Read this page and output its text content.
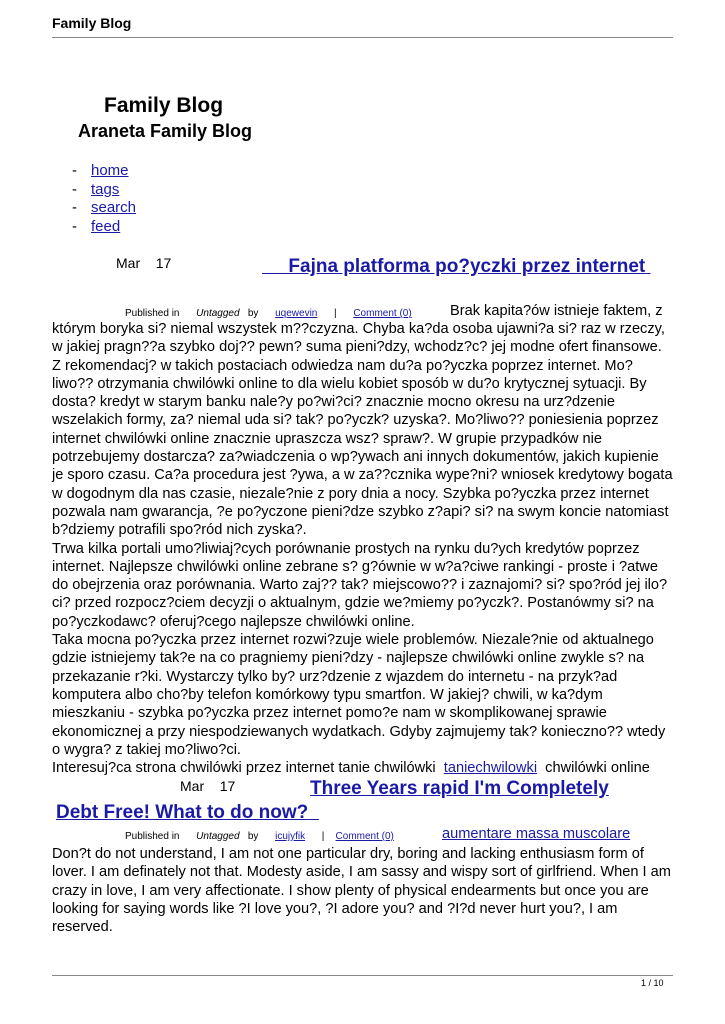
Family Blog
Family Blog
Araneta Family Blog
- home
- tags
- search
- feed
Mar 17	Fajna platforma po?yczki przez internet
Published in Untagged by uqewevin | Comment (0)	Brak kapita?ów istnieje faktem, z

którym boryka si? niemal wszystek m??czyzna. Chyba ka?da osoba ujawni?a si? raz w rzeczy, w jakiej pragn??a szybko doj?? pewn? suma pieni?dzy, wchodz?c? jej modne ofert finansowe. Z rekomendacj? w takich postaciach odwiedza nam du?a po?yczka poprzez internet. Mo?liwo?? otrzymania chwilówki online to dla wielu kobiet sposób w du?o krytycznej sytuacji. By dosta? kredyt w starym banku nale?y po?wi?ci? znacznie mocno okresu na urz?dzenie wszelakich formy, za? niemal uda si? tak? po?yczk? uzyska?. Mo?liwo?? poniesienia poprzez internet chwilówki online znacznie upraszcza wsz? spraw?. W grupie przypadków nie potrzebujemy dostarcza? za?wiadczenia o wp?ywach ani innych dokumentów, jakich kupienie je sporo czasu. Ca?a procedura jest ?ywa, a w za??cznika wype?ni? wniosek kredytowy bogata w dogodnym dla nas czasie, niezale?nie z pory dnia a nocy. Szybka po?yczka przez internet pozwala nam gwarancja, ?e po?yczone pieni?dze szybko z?api? si? na swym koncie natomiast b?dziemy potrafili spo?ród nich zyska?.

Trwa kilka portali umo?liwiaj?cych porównanie prostych na rynku du?ych kredytów poprzez internet. Najlepsze chwilówki online zebrane s? g?ównie w w?a?ciwe rankingi - proste i ?atwe do obejrzenia oraz porównania. Warto zaj?? tak? miejscowo?? i zaznajomi? si? spo?ród jej ilo?ci? przed rozpocz?ciem decyzji o aktualnym, gdzie we?miemy po?yczk?. Postanówmy si? na po?yczkodawc? oferuj?cego najlepsze chwilówki online.

Taka mocna po?yczka przez internet rozwi?zuje wiele problemów. Niezale?nie od aktualnego gdzie istniejemy tak?e na co pragniemy pieni?dzy - najlepsze chwilówki online zwykle s? na przekazanie r?ki. Wystarczy tylko by? urz?dzenie z wjazdem do internetu - na przyk?ad komputera albo cho?by telefon komórkowy typu smartfon. W jakiej? chwili, w ka?dym mieszkaniu - szybka po?yczka przez internet pomo?e nam w skomplikowanej sprawie ekonomicznej a przy niespodziewanych wydatkach. Gdyby zajmujemy tak? konieczno?? wtedy o wygra? z takiej mo?liwo?ci.

Interesuj?ca strona chwilówki przez internet tanie chwilówki taniechwilowki chwilówki online

Mar 17	Three Years rapid I'm Completely Debt Free! What to do now?
Published in Untagged by icujyfik | Comment (0)	aumentare massa muscolare

Don?t do not understand, I am not one particular dry, boring and lacking enthusiasm form of lover. I am definately not that. Modesty aside, I am sassy and wispy sort of girlfriend. When I am crazy in love, I am very affectionate. I show plenty of physical endearments but once you are looking for saying words like ?I love you?, ?I adore you? and ?I?d never hurt you?, I am reserved.

1 / 10
